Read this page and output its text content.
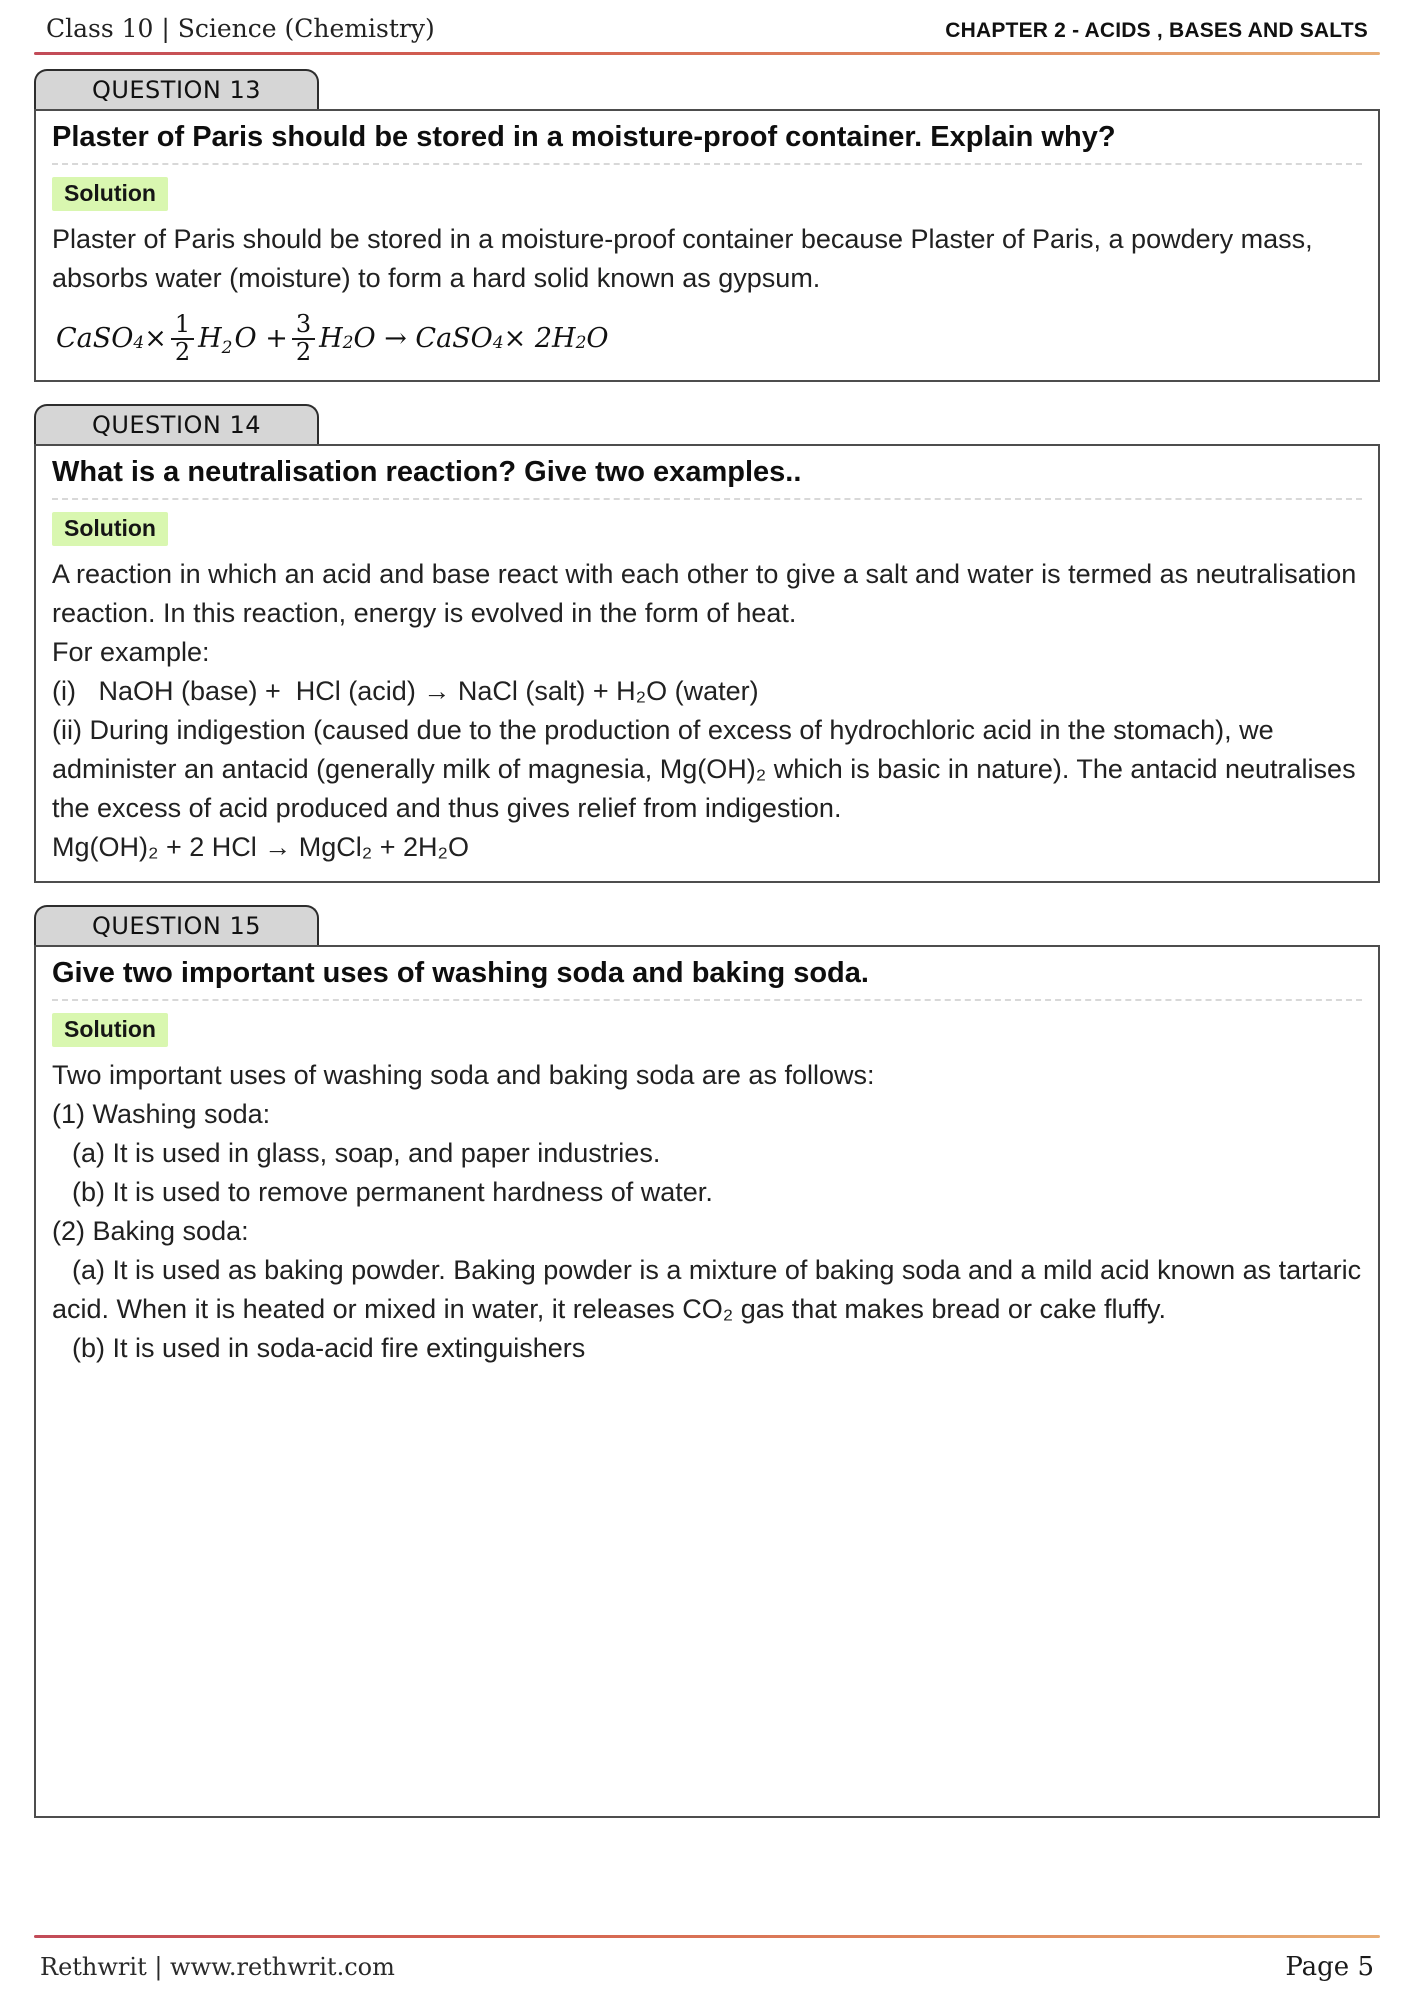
Class 10 | Science (Chemistry)	CHAPTER 2 - ACIDS , BASES AND SALTS
QUESTION 13
Plaster of Paris should be stored in a moisture-proof container. Explain why?
Solution

Plaster of Paris should be stored in a moisture-proof container because Plaster of Paris, a powdery mass, absorbs water (moisture) to form a hard solid known as gypsum.

CaSO $4 \times \frac{1}{2} H_2$ $O + \frac{3}{2}$ H 2 O → CaSO 4 × 2H 2 O
QUESTION 14
What is a neutralisation reaction? Give two examples..
Solution

A reaction in which an acid and base react with each other to give a salt and water is termed as neutralisation reaction. In this reaction, energy is evolved in the form of heat.

For example:

(i)   NaOH (base) +  HCl (acid) → NaCl (salt) + H₂O (water)

(ii) During indigestion (caused due to the production of excess of hydrochloric acid in the stomach), we administer an antacid (generally milk of magnesia, Mg(OH)₂ which is basic in nature). The antacid neutralises the excess of acid produced and thus gives relief from indigestion.

Mg(OH)₂ + 2 HCl → MgCl₂ + 2H₂O

QUESTION 15
Give two important uses of washing soda and baking soda.
Solution

Two important uses of washing soda and baking soda are as follows:

(1) Washing soda:

(a) It is used in glass, soap, and paper industries.

(b) It is used to remove permanent hardness of water.

(2) Baking soda:

(a) It is used as baking powder. Baking powder is a mixture of baking soda and a mild acid known as tartaric acid. When it is heated or mixed in water, it releases CO₂ gas that makes bread or cake fluffy.

(b) It is used in soda-acid fire extinguishers

Rethwrit | www.rethwrit.com	Page 5
